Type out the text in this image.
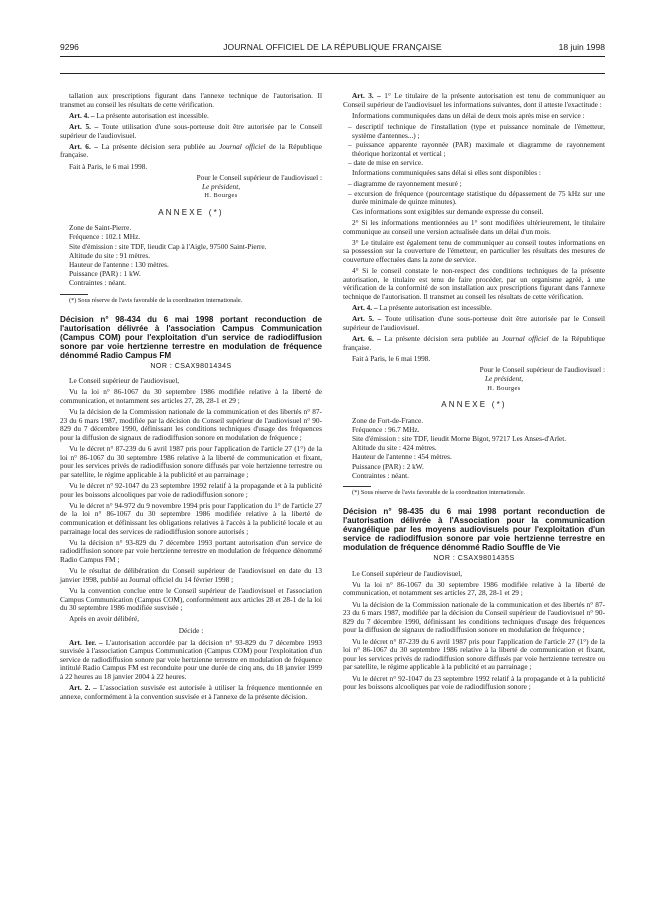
9296	JOURNAL OFFICIEL DE LA RÉPUBLIQUE FRANÇAISE	18 juin 1998

tallation aux prescriptions figurant dans l'annexe technique de l'autorisation. Il transmet au conseil les résultats de cette vérification.

Art. 4. – La présente autorisation est incessible.

Art. 5. – Toute utilisation d'une sous-porteuse doit être autorisée par le Conseil supérieur de l'audiovisuel.

Art. 6. – La présente décision sera publiée au Journal officiel de la République française.

Fait à Paris, le 6 mai 1998.

Pour le Conseil supérieur de l'audiovisuel :

Le président,

H. Bourges

ANNEXE (*)

Zone de Saint-Pierre.

Fréquence : 102.1 MHz.

Site d'émission : site TDF, lieudit Cap à l'Aigle, 97500 Saint-Pierre.

Altitude du site : 91 mètres.

Hauteur de l'antenne : 130 mètres.

Puissance (PAR) : 1 kW.

Contraintes : néant.

(*) Sous réserve de l'avis favorable de la coordination internationale.

Décision n° 98-434 du 6 mai 1998 portant reconduction de l'autorisation délivrée à l'association Campus Communication (Campus COM) pour l'exploitation d'un service de radiodiffusion sonore par voie hertzienne terrestre en modulation de fréquence dénommé Radio Campus FM
NOR : CSAX9801434S

Le Conseil supérieur de l'audiovisuel,

Vu la loi n° 86-1067 du 30 septembre 1986 modifiée relative à la liberté de communication, et notamment ses articles 27, 28, 28-1 et 29 ;

Vu la décision de la Commission nationale de la communication et des libertés n° 87-23 du 6 mars 1987, modifiée par la décision du Conseil supérieur de l'audiovisuel n° 90-829 du 7 décembre 1990, définissant les conditions techniques d'usage des fréquences pour la diffusion de signaux de radiodiffusion sonore en modulation de fréquence ;

Vu le décret n° 87-239 du 6 avril 1987 pris pour l'application de l'article 27 (1°) de la loi n° 86-1067 du 30 septembre 1986 relative à la liberté de communication et fixant, pour les services privés de radiodiffusion sonore diffusés par voie hertzienne terrestre ou par satellite, le régime applicable à la publicité et au parrainage ;

Vu le décret n° 92-1047 du 23 septembre 1992 relatif à la propagande et à la publicité pour les boissons alcooliques par voie de radiodiffusion sonore ;

Vu le décret n° 94-972 du 9 novembre 1994 pris pour l'application du 1° de l'article 27 de la loi n° 86-1067 du 30 septembre 1986 modifiée relative à la liberté de communication et définissant les obligations relatives à l'accès à la publicité locale et au parrainage local des services de radiodiffusion sonore autorisés ;

Vu la décision n° 93-829 du 7 décembre 1993 portant autorisation d'un service de radiodiffusion sonore par voie hertzienne terrestre en modulation de fréquence dénommé Radio Campus FM ;

Vu le résultat de délibération du Conseil supérieur de l'audiovisuel en date du 13 janvier 1998, publié au Journal officiel du 14 février 1998 ;

Vu la convention conclue entre le Conseil supérieur de l'audiovisuel et l'association Campus Communication (Campus COM), conformément aux articles 28 et 28-1 de la loi du 30 septembre 1986 modifiée susvisée ;

Après en avoir délibéré,

Décide :

Art. 1er. – L'autorisation accordée par la décision n° 93-829 du 7 décembre 1993 susvisée à l'association Campus Communication (Campus COM) pour l'exploitation d'un service de radiodiffusion sonore par voie hertzienne terrestre en modulation de fréquence intitulé Radio Campus FM est reconduite pour une durée de cinq ans, du 18 janvier 1999 à 22 heures au 18 janvier 2004 à 22 heures.

Art. 2. – L'association susvisée est autorisée à utiliser la fréquence mentionnée en annexe, conformément à la convention susvisée et à l'annexe de la présente décision.

Art. 3. – 1° Le titulaire de la présente autorisation est tenu de communiquer au Conseil supérieur de l'audiovisuel les informations suivantes, dont il atteste l'exactitude :

Informations communiquées dans un délai de deux mois après mise en service :

– descriptif technique de l'installation (type et puissance nominale de l'émetteur, système d'antennes...) ;

– puissance apparente rayonnée (PAR) maximale et diagramme de rayonnement théorique horizontal et vertical ;

– date de mise en service.

Informations communiquées sans délai si elles sont disponibles :

– diagramme de rayonnement mesuré ;

– excursion de fréquence (pourcentage statistique du dépassement de 75 kHz sur une durée minimale de quinze minutes).

Ces informations sont exigibles sur demande expresse du conseil.

2° Si les informations mentionnées au 1° sont modifiées ultérieurement, le titulaire communique au conseil une version actualisée dans un délai d'un mois.

3° Le titulaire est également tenu de communiquer au conseil toutes informations en sa possession sur la couverture de l'émetteur, en particulier les résultats des mesures de couverture effectuées dans la zone de service.

4° Si le conseil constate le non-respect des conditions techniques de la présente autorisation, le titulaire est tenu de faire procéder, par un organisme agréé, à une vérification de la conformité de son installation aux prescriptions figurant dans l'annexe technique de l'autorisation. Il transmet au conseil les résultats de cette vérification.

Art. 4. – La présente autorisation est incessible.

Art. 5. – Toute utilisation d'une sous-porteuse doit être autorisée par le Conseil supérieur de l'audiovisuel.

Art. 6. – La présente décision sera publiée au Journal officiel de la République française.

Fait à Paris, le 6 mai 1998.

Pour le Conseil supérieur de l'audiovisuel :

Le président,

H. Bourges

ANNEXE (*)

Zone de Fort-de-France.

Fréquence : 96.7 MHz.

Site d'émission : site TDF, lieudit Morne Bigot, 97217 Les Anses-d'Arlet.

Altitude du site : 424 mètres.

Hauteur de l'antenne : 454 mètres.

Puissance (PAR) : 2 kW.

Contraintes : néant.

(*) Sous réserve de l'avis favorable de la coordination internationale.

Décision n° 98-435 du 6 mai 1998 portant reconduction de l'autorisation délivrée à l'Association pour la communication évangélique par les moyens audiovisuels pour l'exploitation d'un service de radiodiffusion sonore par voie hertzienne terrestre en modulation de fréquence dénommé Radio Souffle de Vie
NOR : CSAX9801435S

Le Conseil supérieur de l'audiovisuel,

Vu la loi n° 86-1067 du 30 septembre 1986 modifiée relative à la liberté de communication, et notamment ses articles 27, 28, 28-1 et 29 ;

Vu la décision de la Commission nationale de la communication et des libertés n° 87-23 du 6 mars 1987, modifiée par la décision du Conseil supérieur de l'audiovisuel n° 90-829 du 7 décembre 1990, définissant les conditions techniques d'usage des fréquences pour la diffusion de signaux de radiodiffusion sonore en modulation de fréquence ;

Vu le décret n° 87-239 du 6 avril 1987 pris pour l'application de l'article 27 (1°) de la loi n° 86-1067 du 30 septembre 1986 relative à la liberté de communication et fixant, pour les services privés de radiodiffusion sonore diffusés par voie hertzienne terrestre ou par satellite, le régime applicable à la publicité et au parrainage ;

Vu le décret n° 92-1047 du 23 septembre 1992 relatif à la propagande et à la publicité pour les boissons alcooliques par voie de radiodiffusion sonore ;
